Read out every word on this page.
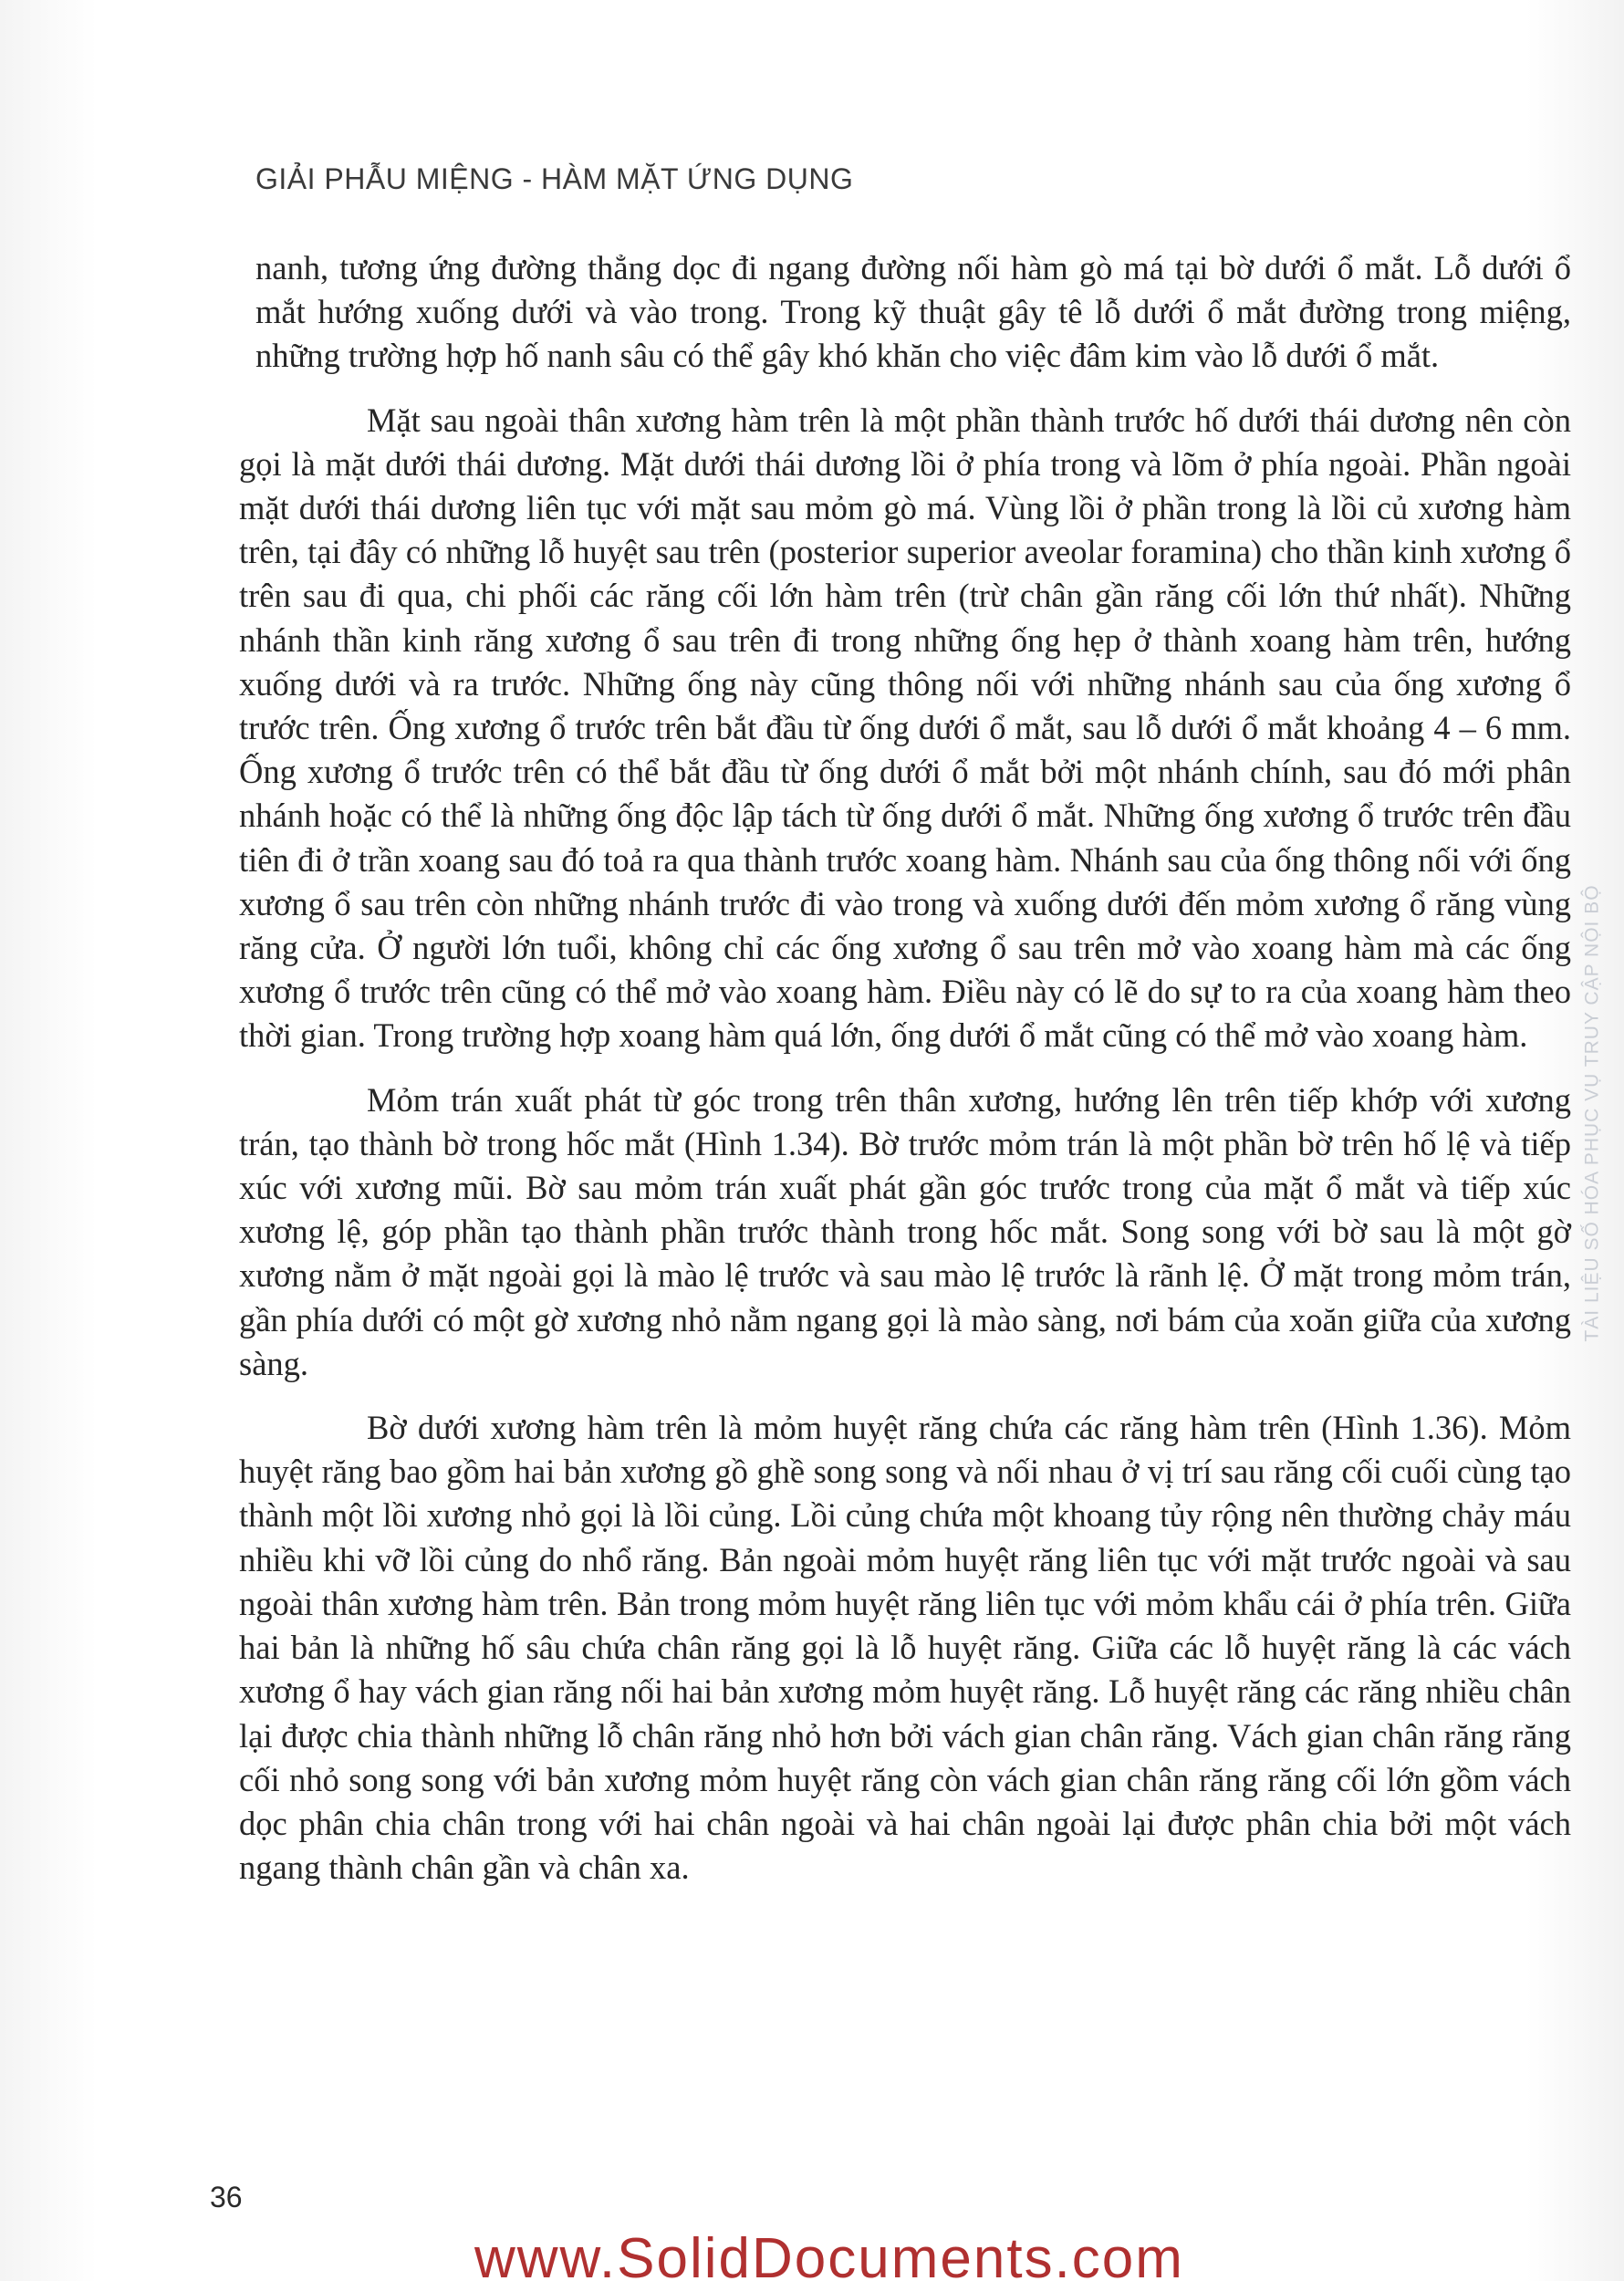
GIẢI PHẪU MIỆNG - HÀM MẶT ỨNG DỤNG

nanh, tương ứng đường thẳng dọc đi ngang đường nối hàm gò má tại bờ dưới ổ mắt. Lỗ dưới ổ mắt hướng xuống dưới và vào trong. Trong kỹ thuật gây tê lỗ dưới ổ mắt đường trong miệng, những trường hợp hố nanh sâu có thể gây khó khăn cho việc đâm kim vào lỗ dưới ổ mắt.

Mặt sau ngoài thân xương hàm trên là một phần thành trước hố dưới thái dương nên còn gọi là mặt dưới thái dương. Mặt dưới thái dương lồi ở phía trong và lõm ở phía ngoài. Phần ngoài mặt dưới thái dương liên tục với mặt sau mỏm gò má. Vùng lồi ở phần trong là lồi củ xương hàm trên, tại đây có những lỗ huyệt sau trên (posterior superior aveolar foramina) cho thần kinh xương ổ trên sau đi qua, chi phối các răng cối lớn hàm trên (trừ chân gần răng cối lớn thứ nhất). Những nhánh thần kinh răng xương ổ sau trên đi trong những ống hẹp ở thành xoang hàm trên, hướng xuống dưới và ra trước. Những ống này cũng thông nối với những nhánh sau của ống xương ổ trước trên. Ống xương ổ trước trên bắt đầu từ ống dưới ổ mắt, sau lỗ dưới ổ mắt khoảng 4 – 6 mm. Ống xương ổ trước trên có thể bắt đầu từ ống dưới ổ mắt bởi một nhánh chính, sau đó mới phân nhánh hoặc có thể là những ống độc lập tách từ ống dưới ổ mắt. Những ống xương ổ trước trên đầu tiên đi ở trần xoang sau đó toả ra qua thành trước xoang hàm. Nhánh sau của ống thông nối với ống xương ổ sau trên còn những nhánh trước đi vào trong và xuống dưới đến mỏm xương ổ răng vùng răng cửa. Ở người lớn tuổi, không chỉ các ống xương ổ sau trên mở vào xoang hàm mà các ống xương ổ trước trên cũng có thể mở vào xoang hàm. Điều này có lẽ do sự to ra của xoang hàm theo thời gian. Trong trường hợp xoang hàm quá lớn, ống dưới ổ mắt cũng có thể mở vào xoang hàm.

Mỏm trán xuất phát từ góc trong trên thân xương, hướng lên trên tiếp khớp với xương trán, tạo thành bờ trong hốc mắt (Hình 1.34). Bờ trước mỏm trán là một phần bờ trên hố lệ và tiếp xúc với xương mũi. Bờ sau mỏm trán xuất phát gần góc trước trong của mặt ổ mắt và tiếp xúc xương lệ, góp phần tạo thành phần trước thành trong hốc mắt. Song song với bờ sau là một gờ xương nằm ở mặt ngoài gọi là mào lệ trước và sau mào lệ trước là rãnh lệ. Ở mặt trong mỏm trán, gần phía dưới có một gờ xương nhỏ nằm ngang gọi là mào sàng, nơi bám của xoăn giữa của xương sàng.

Bờ dưới xương hàm trên là mỏm huyệt răng chứa các răng hàm trên (Hình 1.36). Mỏm huyệt răng bao gồm hai bản xương gồ ghề song song và nối nhau ở vị trí sau răng cối cuối cùng tạo thành một lồi xương nhỏ gọi là lồi củng. Lồi củng chứa một khoang tủy rộng nên thường chảy máu nhiều khi vỡ lồi củng do nhổ răng. Bản ngoài mỏm huyệt răng liên tục với mặt trước ngoài và sau ngoài thân xương hàm trên. Bản trong mỏm huyệt răng liên tục với mỏm khẩu cái ở phía trên. Giữa hai bản là những hố sâu chứa chân răng gọi là lỗ huyệt răng. Giữa các lỗ huyệt răng là các vách xương ổ hay vách gian răng nối hai bản xương mỏm huyệt răng. Lỗ huyệt răng các răng nhiều chân lại được chia thành những lỗ chân răng nhỏ hơn bởi vách gian chân răng. Vách gian chân răng răng cối nhỏ song song với bản xương mỏm huyệt răng còn vách gian chân răng răng cối lớn gồm vách dọc phân chia chân trong với hai chân ngoài và hai chân ngoài lại được phân chia bởi một vách ngang thành chân gần và chân xa.

TÀI LIỆU SỐ HÓA PHỤC VỤ TRUY CẬP NỘI BỘ
36
www.SolidDocuments.com
